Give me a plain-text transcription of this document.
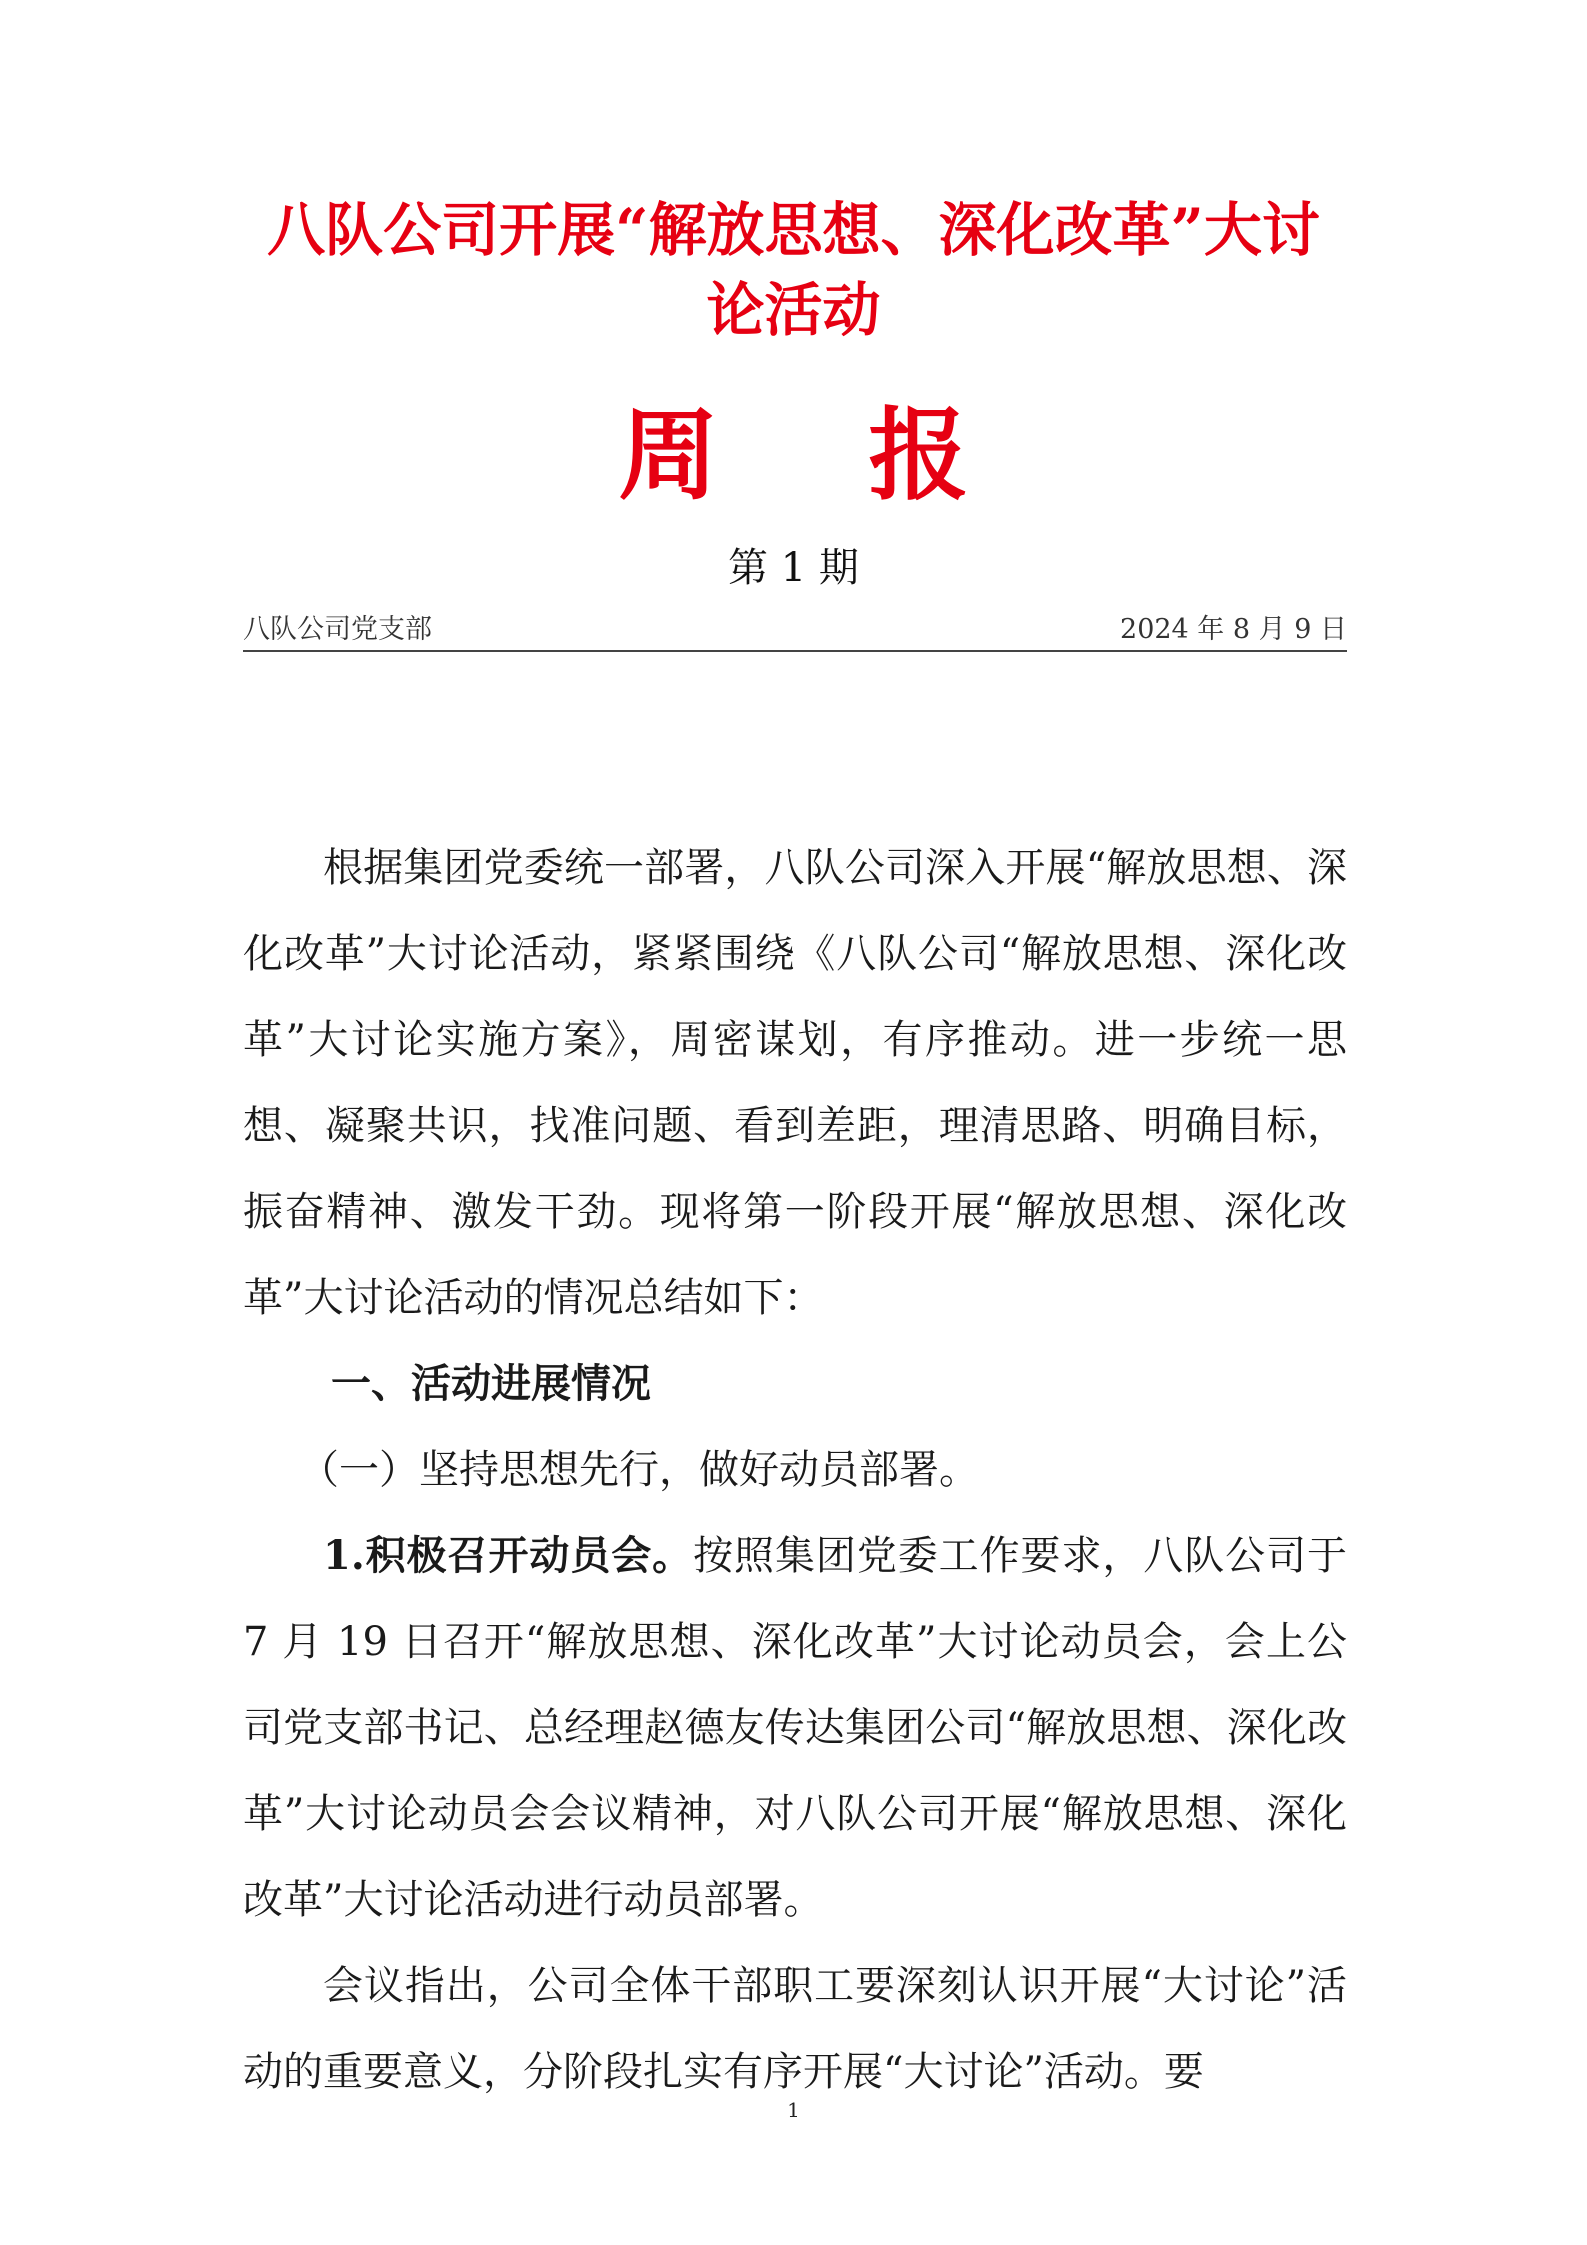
八队公司开展“解放思想、深化改革”大讨论活动
周 报
第 1 期
八队公司党支部	2024 年 8 月 9 日

根据集团党委统一部署，八队公司深入开展“解放思想、深化改革”大讨论活动，紧紧围绕《八队公司“解放思想、深化改革”大讨论实施方案》，周密谋划，有序推动。进一步统一思想、凝聚共识，找准问题、看到差距，理清思路、明确目标，振奋精神、激发干劲。现将第一阶段开展“解放思想、深化改革”大讨论活动的情况总结如下：

一、活动进展情况

（一）坚持思想先行，做好动员部署。

1.积极召开动员会。按照集团党委工作要求，八队公司于 7 月 19 日召开“解放思想、深化改革”大讨论动员会，会上公司党支部书记、总经理赵德友传达集团公司“解放思想、深化改革”大讨论动员会会议精神，对八队公司开展“解放思想、深化改革”大讨论活动进行动员部署。

会议指出，公司全体干部职工要深刻认识开展“大讨论”活动的重要意义，分阶段扎实有序开展“大讨论”活动。要

1
